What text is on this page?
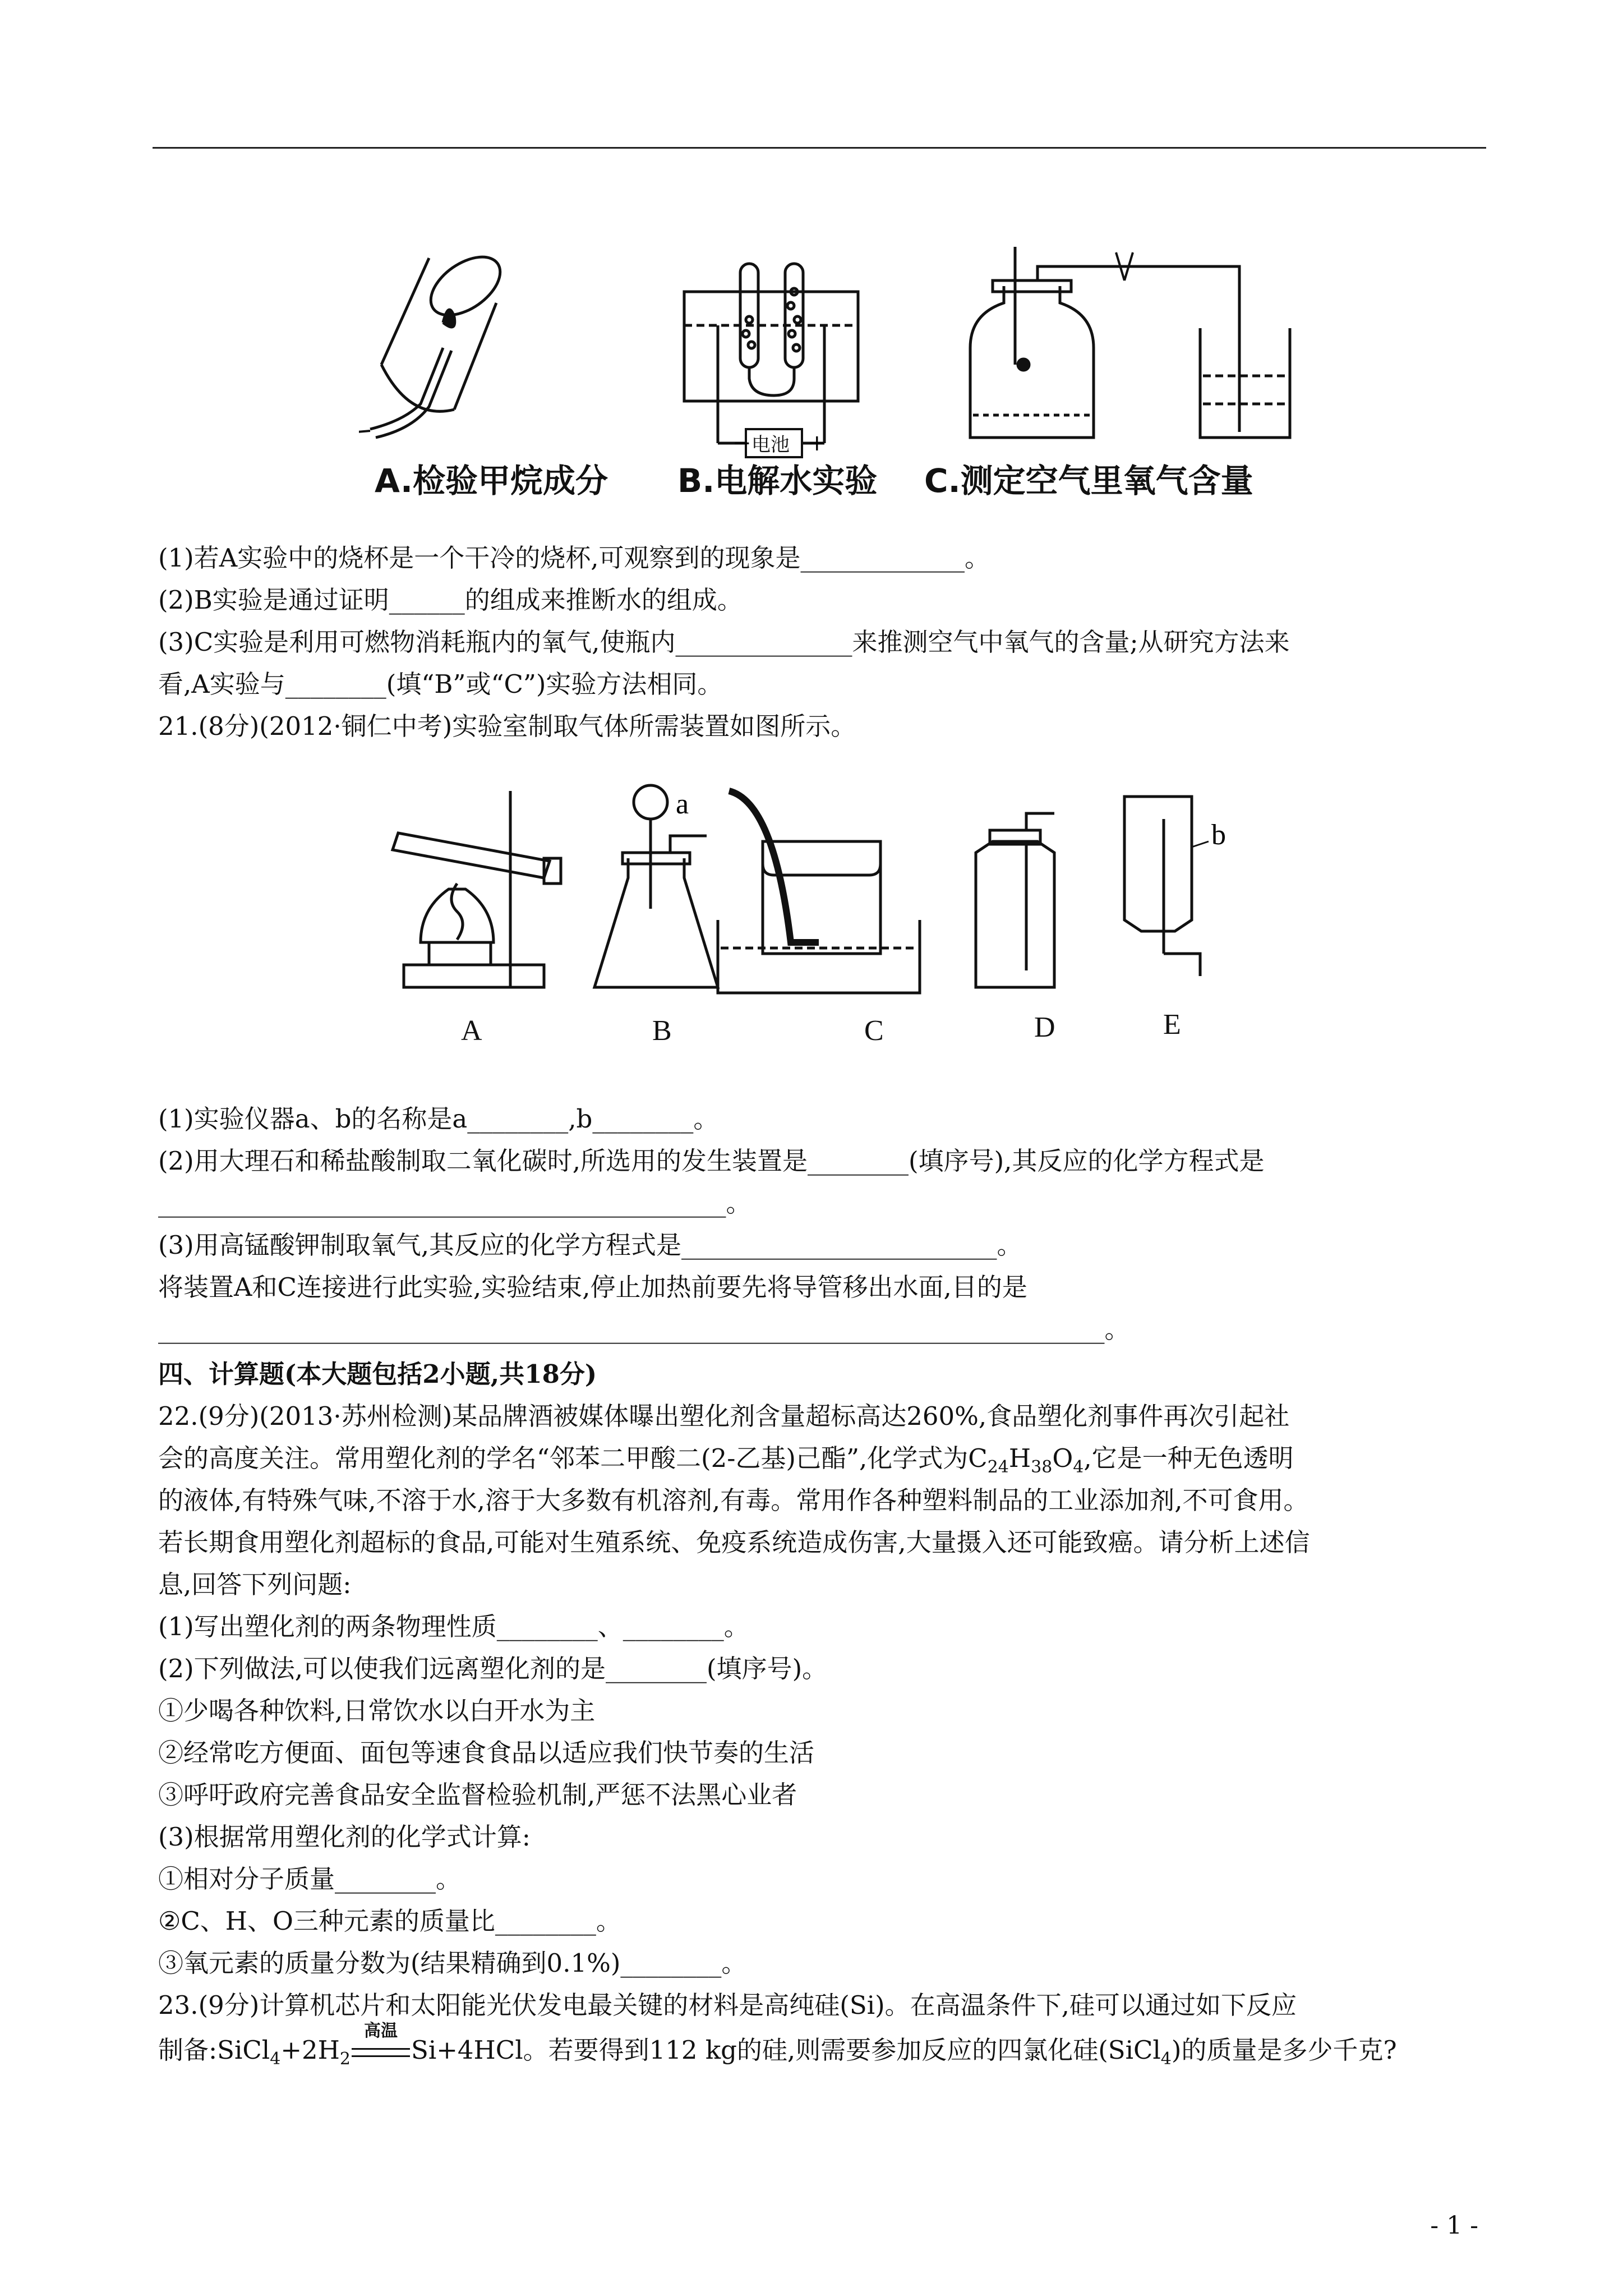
−	+
电池
A.检验甲烷成分 B.电解水实验 C.测定空气里氧气含量
(1)若A实验中的烧杯是一个干冷的烧杯,可观察到的现象是_____________。
(2)B实验是通过证明______的组成来推断水的组成。
(3)C实验是利用可燃物消耗瓶内的氧气,使瓶内______________来推测空气中氧气的含量;从研究方法来
看,A实验与________(填“B”或“C”)实验方法相同。
21.(8分)(2012·铜仁中考)实验室制取气体所需装置如图所示。
a
b
A	B	C	D	E
(1)实验仪器a、b的名称是a________,b________。
(2)用大理石和稀盐酸制取二氧化碳时,所选用的发生装置是________(填序号),其反应的化学方程式是
_____________________________________________。
(3)用高锰酸钾制取氧气,其反应的化学方程式是_________________________。
将装置A和C连接进行此实验,实验结束,停止加热前要先将导管移出水面,目的是
___________________________________________________________________________。
四、计算题(本大题包括2小题,共18分)
22.(9分)(2013·苏州检测)某品牌酒被媒体曝出塑化剂含量超标高达260%,食品塑化剂事件再次引起社
会的高度关注。常用塑化剂的学名“邻苯二甲酸二(2-乙基)己酯”,化学式为$C_{24}H_{38}O_4$,它是一种无色透明
的液体,有特殊气味,不溶于水,溶于大多数有机溶剂,有毒。常用作各种塑料制品的工业添加剂,不可食用。
若长期食用塑化剂超标的食品,可能对生殖系统、免疫系统造成伤害,大量摄入还可能致癌。请分析上述信
息,回答下列问题:
(1)写出塑化剂的两条物理性质________、________。
(2)下列做法,可以使我们远离塑化剂的是________(填序号)。
①少喝各种饮料,日常饮水以白开水为主
②经常吃方便面、面包等速食食品以适应我们快节奏的生活
③呼吁政府完善食品安全监督检验机制,严惩不法黑心业者
(3)根据常用塑化剂的化学式计算:
①相对分子质量________。
②C、H、O三种元素的质量比________。
③氧元素的质量分数为(结果精确到0.1%)________。
23.(9分)计算机芯片和太阳能光伏发电最关键的材料是高纯硅(Si)。在高温条件下,硅可以通过如下反应
制备$:SiCl_4+2H_2$
高温
Si+4HCl。若要得到112 kg的硅,则需要参加反应的四氯化硅(SiCl$_4$)的质量是多少千克?
- 1 -
